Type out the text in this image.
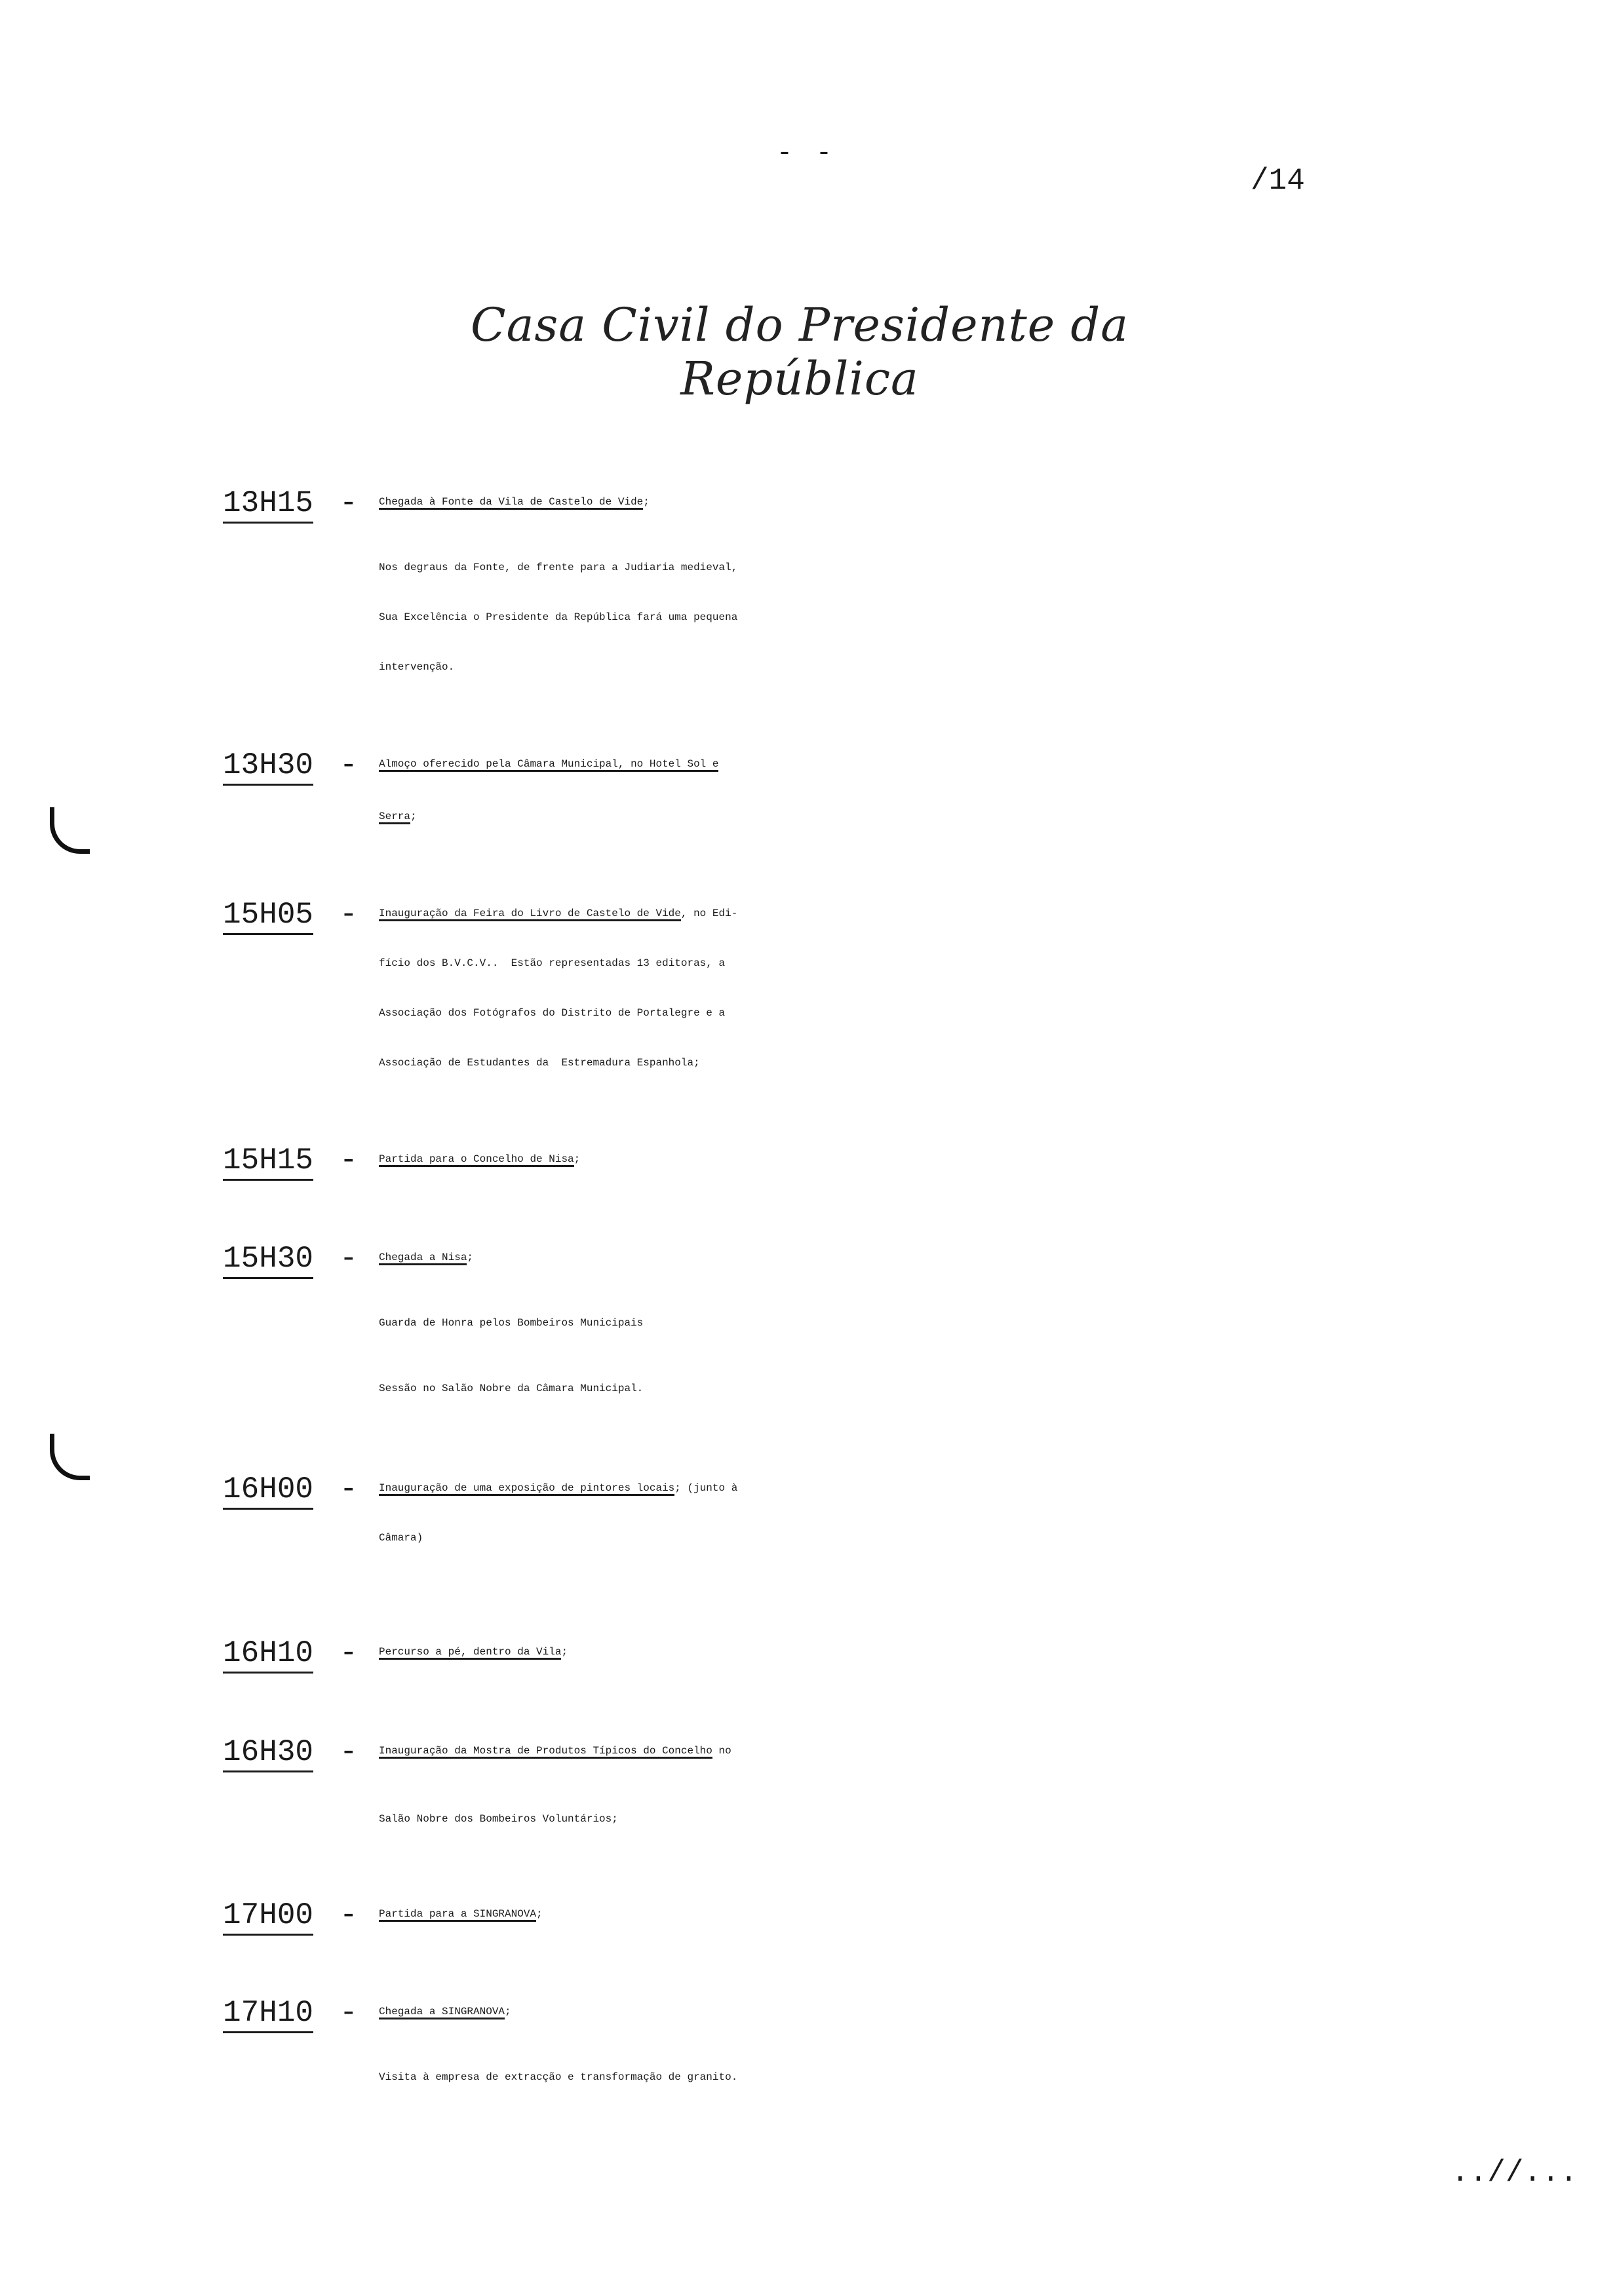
- -
/14
Casa Civil do Presidente da República
13H15 - Chegada à Fonte da Vila de Castelo de Vide;
Nos degraus da Fonte, de frente para a Judiaria medieval,
Sua Excelência o Presidente da República fará uma pequena
intervenção.
13H30 - Almoço oferecido pela Câmara Municipal, no Hotel Sol e
Serra;
15H05 - Inauguração da Feira do Livro de Castelo de Vide, no Edi-
fício dos B.V.C.V..  Estão representadas 13 editoras, a
Associação dos Fotógrafos do Distrito de Portalegre e a
Associação de Estudantes da  Estremadura Espanhola;
15H15 - Partida para o Concelho de Nisa;
15H30 - Chegada a Nisa;
Guarda de Honra pelos Bombeiros Municipais
Sessão no Salão Nobre da Câmara Municipal.
16H00 - Inauguração de uma exposição de pintores locais; (junto à
Câmara)
16H10 - Percurso a pé, dentro da Vila;
16H30 - Inauguração da Mostra de Produtos Típicos do Concelho no
Salão Nobre dos Bombeiros Voluntários;
17H00 - Partida para a SINGRANOVA;
17H10 - Chegada a SINGRANOVA;
Visita à empresa de extracção e transformação de granito.
..//...
